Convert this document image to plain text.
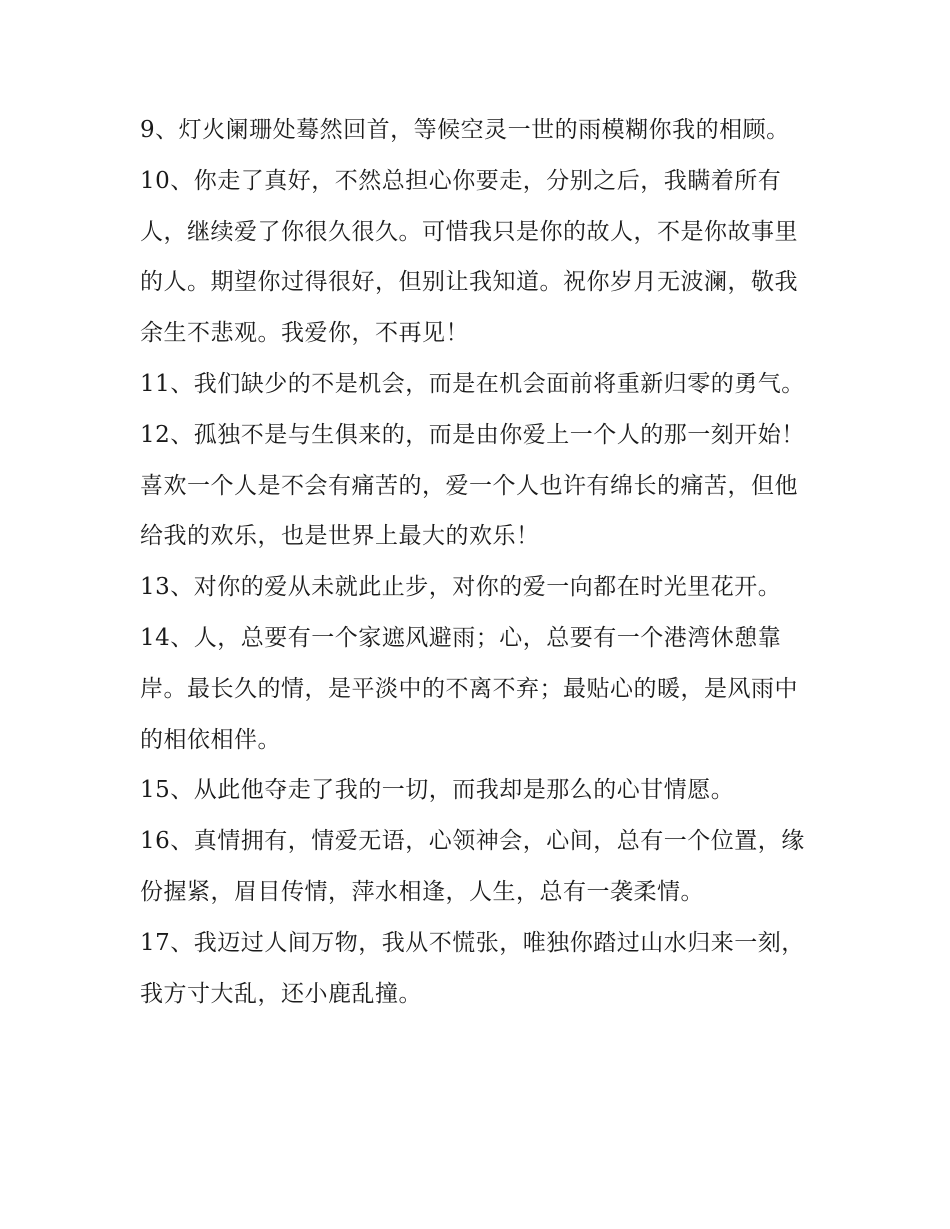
9、灯火阑珊处蓦然回首，等候空灵一世的雨模糊你我的相顾。

10、你走了真好，不然总担心你要走，分别之后，我瞒着所有人，继续爱了你很久很久。可惜我只是你的故人，不是你故事里的人。期望你过得很好，但别让我知道。祝你岁月无波澜，敬我余生不悲观。我爱你，不再见！

11、我们缺少的不是机会，而是在机会面前将重新归零的勇气。

12、孤独不是与生俱来的，而是由你爱上一个人的那一刻开始！喜欢一个人是不会有痛苦的，爱一个人也许有绵长的痛苦，但他给我的欢乐，也是世界上最大的欢乐！

13、对你的爱从未就此止步，对你的爱一向都在时光里花开。

14、人，总要有一个家遮风避雨；心，总要有一个港湾休憩靠岸。最长久的情，是平淡中的不离不弃；最贴心的暖，是风雨中的相依相伴。

15、从此他夺走了我的一切，而我却是那么的心甘情愿。

16、真情拥有，情爱无语，心领神会，心间，总有一个位置，缘份握紧，眉目传情，萍水相逢，人生，总有一袭柔情。

17、我迈过人间万物，我从不慌张，唯独你踏过山水归来一刻，我方寸大乱，还小鹿乱撞。
